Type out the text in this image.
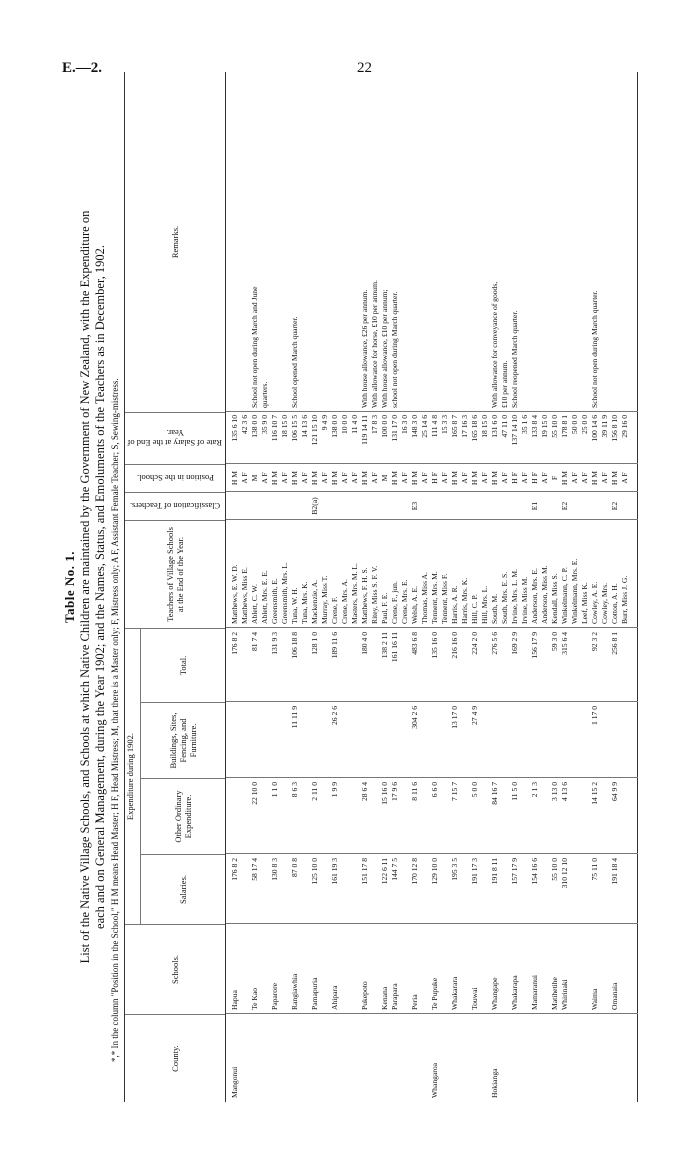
E.—2.	22
Table No. 1. List of the Native Village Schools, and Schools at which Native Children are maintained by the Government of New Zealand, with the Expenditure on each and on General Management, during the Year 1902; and the Names, Status, and Emoluments of the Teachers as in December, 1902. *,* In the column "Position in the School," H M means Head Master; H F, Head Mistress; M, that there is a Master only; F, Mistress only; A F, Assistant Female Teacher; S, Sewing-mistress.	County.
Schools.
Expenditure during 1902.
Salaries.
Other Ordinary Expenditure.
Buildings, Sites, Fencing, and Furniture.
Total.
Teachers of Village Schools at the End of the Year.
Classification of Teachers.
Position in the School.
Rate of Salary at the End of Year.
Remarks.
Mangonui
Hapua
176 8 2
176 8 2
Matthews, E. W. D.
H M
135 6 10
Matthews, Miss E.
A F
42 3 6
Te Kao
58 17 4
22 10 0
81 7 4
Ablett, C. W.
M
138 0 0
School not open during March and June
Ablett, Mrs. E. E.
A F
35 9 0
quarters.
Paparore
130 8 3
1 1 0
131 9 3
Greensmith, E.
H M
116 10 7
Greensmith, Mrs. L.
A F
18 15 0
Rangiawhia
87 0 8
8 6 3
11 11 9
106 18 8
Tuna, W. H.
H M
106 15 5
School opened March quarter.
Tuna, Mrs. K.
A F
14 13 6
Pamapuria
125 10 0
2 11 0
128 1 0
Mackenzie, A.
B2(a)
H M
121 15 10
Murray, Miss T.
A F
9 4 9
Ahipara
161 19 3
1 9 9
26 2 6
189 11 6
Crene, F.
H M
138 0 0
Crene, Mrs. A.
A F
10 0 0
Masters, Mrs. M. L.
A F
11 4 0
Pukepoto
151 17 8
28 6 4
180 4 0
Matthews, F. H. S.
H M
119 14 11
With house allowance, £26 per annum.
Ritey, Miss S. F. V.
A F
17 8 3
With allowance for horse, £10 per annum.
Kenana
122 6 11
15 16 0
138 2 11
Paul, F. E.
M
100 0 0
With house allowance, £10 per annum;
Parapara
144 7 5
17 9 6
161 16 11
Crene, F., jun.
H M
131 17 0
school not open during March quarter.
Crene, Mrs. E.
A F
16 3 0
Peria
170 12 8
8 11 6
304 2 6
483 6 8
Welsh, A. E.
E3
H M
148 3 0
Thomas, Miss A.
A F
25 14 6
Whangaroa
Te Pupuke
129 10 0
6 6 0
135 16 0
Tennent, Mrs. M.
H F
111 4 8
Tennent, Miss F.
A F
15 3 3
Whakarara
195 3 5
7 15 7
13 17 0
216 16 0
Harris, A. R.
H M
165 8 7
Harris, Mrs. K.
A F
17 16 3
Touwai
191 17 3
5 0 0
27 4 9
224 2 0
Hill, C. P.
H M
165 18 6
Hill, Mrs. L.
A F
18 15 0
Hokianga
Whangape
191 8 11
84 16 7
276 5 6
South, M.
H M
131 6 0
With allowance for conveyance of goods,
South, Mrs. E. S.
A F
47 11 0
£10 per annum.
Whakarapa
157 17 9
11 5 0
169 2 9
Irvine, Mrs. L. M.
H F
137 14 10
School reopened March quarter.
Irvine, Miss M.
A F
35 1 6
Mamaranui
154 16 6
2 1 3
156 17 9
Anderson, Mrs. E.
E1
H F
133 8 4
Anderson, Miss M.
A F
19 15 0
Matihetihe
55 10 0
3 13 0
59 3 0
Kendall, Miss S.
F
55 10 0
Whirinaki
310 12 10
4 13 6
315 6 4
Winkelmann, C. P.
E2
H M
178 8 1
Winkelmann, Mrs. E.
A F
50 0 0
Leef, Miss K.
A F
25 0 0
Waima
75 11 0
14 15 2
1 17 0
92 3 2
Cowley, A. E.
H M
100 14 6
School not open during March quarter.
Cowley, Mrs.
A F
39 11 9
Omanaia
191 18 4
64 9 9
256 8 1
Cotton, A. H.
E2
H M
156 8 10
Burr, Miss J. G.
A F
29 16 0
